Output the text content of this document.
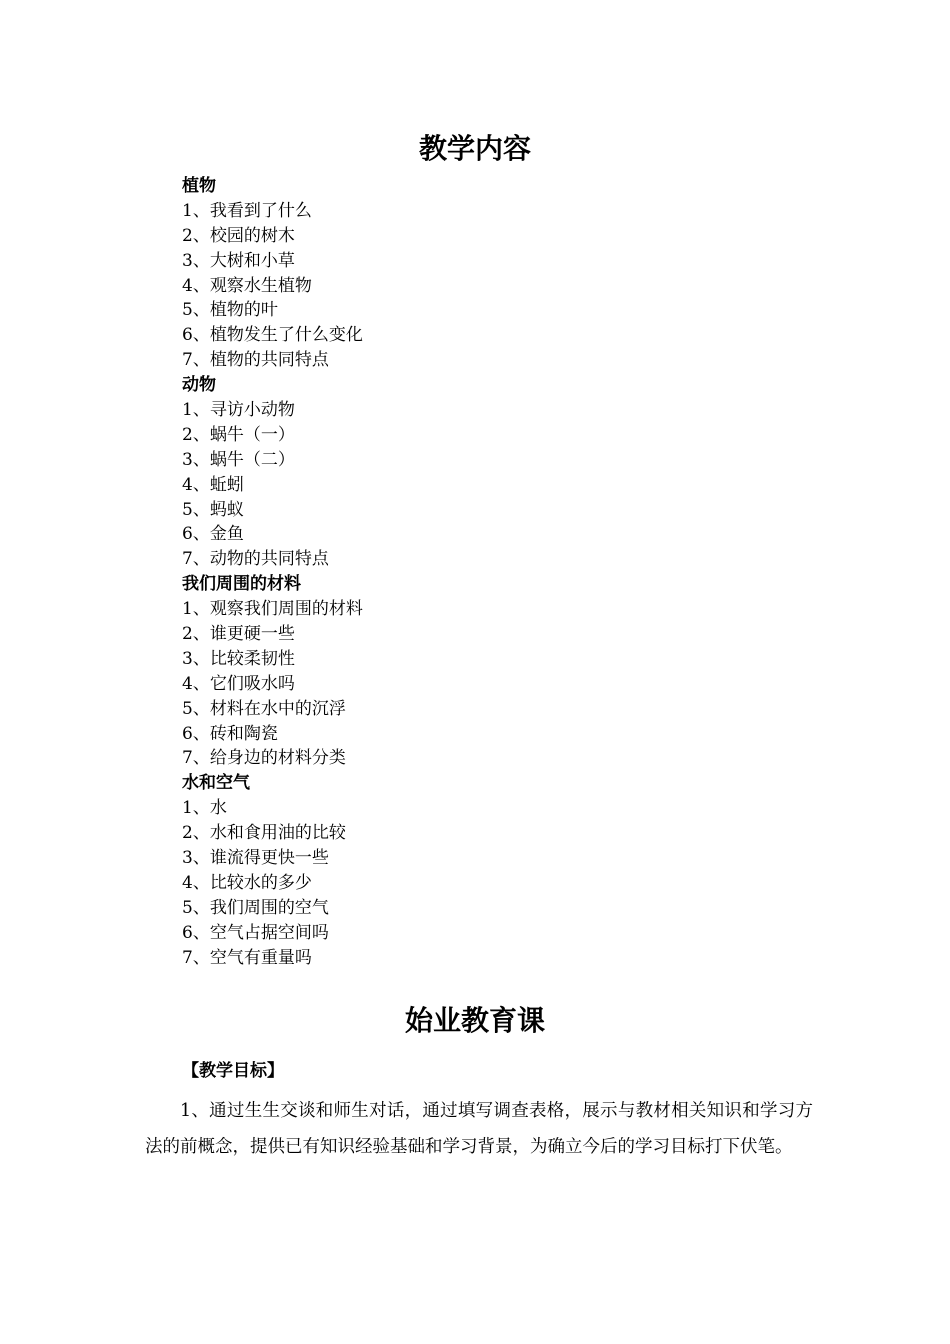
教学内容
植物
1、我看到了什么
2、校园的树木
3、大树和小草
4、观察水生植物
5、植物的叶
6、植物发生了什么变化
7、植物的共同特点
动物
1、寻访小动物
2、蜗牛（一）
3、蜗牛（二）
4、蚯蚓
5、蚂蚁
6、金鱼
7、动物的共同特点
我们周围的材料
1、观察我们周围的材料
2、谁更硬一些
3、比较柔韧性
4、它们吸水吗
5、材料在水中的沉浮
6、砖和陶瓷
7、给身边的材料分类
水和空气
1、水
2、水和食用油的比较
3、谁流得更快一些
4、比较水的多少
5、我们周围的空气
6、空气占据空间吗
7、空气有重量吗
始业教育课
【教学目标】

1、通过生生交谈和师生对话，通过填写调查表格，展示与教材相关知识和学习方法的前概念，提供已有知识经验基础和学习背景，为确立今后的学习目标打下伏笔。
